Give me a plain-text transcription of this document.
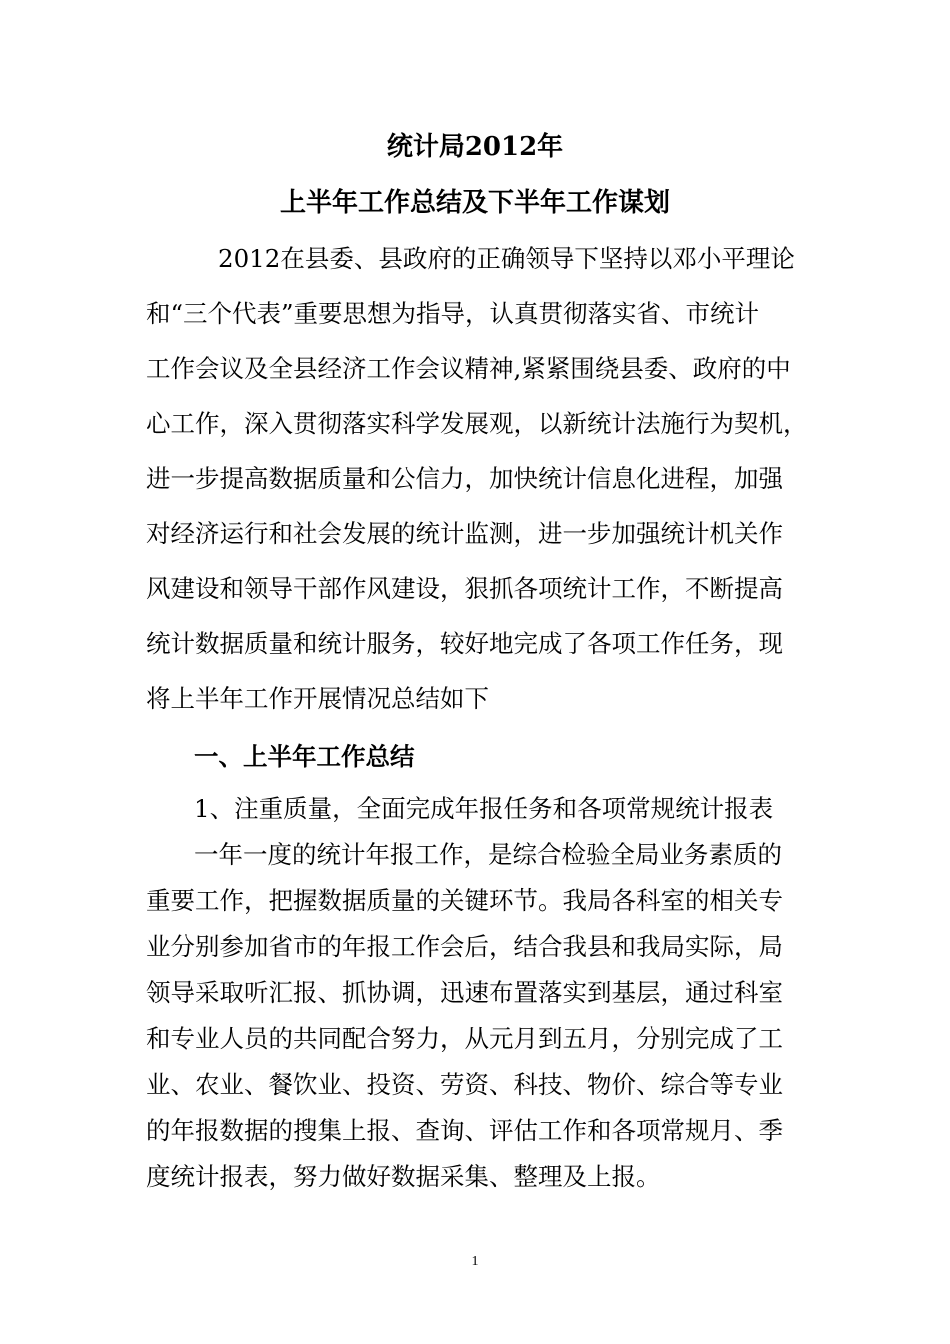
统计局2012年
上半年工作总结及下半年工作谋划
2012在县委、县政府的正确领导下坚持以邓小平理论
和“三个代表”重要思想为指导，认真贯彻落实省、市统计
工作会议及全县经济工作会议精神,紧紧围绕县委、政府的中
心工作，深入贯彻落实科学发展观，以新统计法施行为契机，
进一步提高数据质量和公信力，加快统计信息化进程，加强
对经济运行和社会发展的统计监测，进一步加强统计机关作
风建设和领导干部作风建设，狠抓各项统计工作，不断提高
统计数据质量和统计服务，较好地完成了各项工作任务，现
将上半年工作开展情况总结如下
一、上半年工作总结
1、注重质量，全面完成年报任务和各项常规统计报表
一年一度的统计年报工作，是综合检验全局业务素质的
重要工作，把握数据质量的关键环节。我局各科室的相关专
业分别参加省市的年报工作会后，结合我县和我局实际，局
领导采取听汇报、抓协调，迅速布置落实到基层，通过科室
和专业人员的共同配合努力，从元月到五月，分别完成了工
业、农业、餐饮业、投资、劳资、科技、物价、综合等专业
的年报数据的搜集上报、查询、评估工作和各项常规月、季
度统计报表，努力做好数据采集、整理及上报。
1
